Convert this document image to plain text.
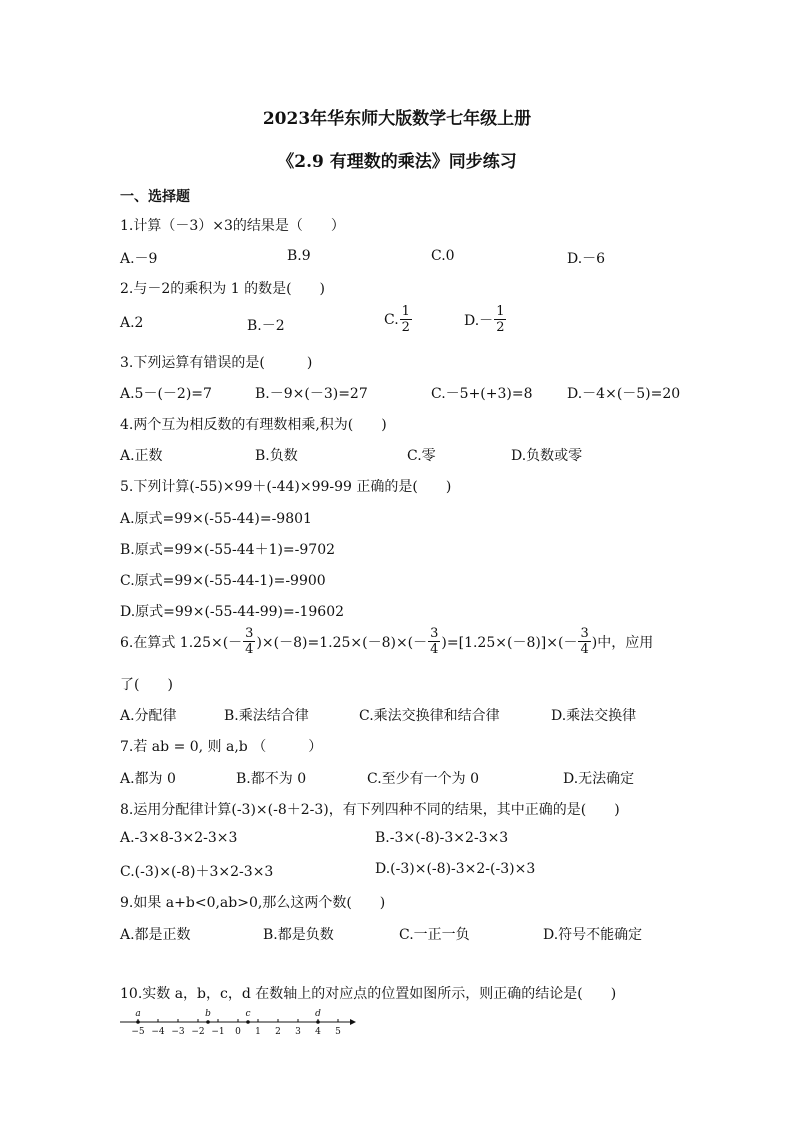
2023年华东师大版数学七年级上册
《2.9 有理数的乘法》同步练习
一、选择题
1.计算（－3）×3的结果是（　　）
A.－9	B.9	C.0	D.－6
2.与－2的乘积为 1 的数是(　　)
A.2	B.－2	C. $\frac{1}{2}$	$D.- \frac{1}{2}$
3.下列运算有错误的是(　　　)
A.5－(－2)=7	B.－9×(－3)=27	C.－5+(+3)=8 D.－4×(－5)=20
4.两个互为相反数的有理数相乘,积为(　　)
A.正数	B.负数	C.零	D.负数或零
5.下列计算(-55)×99＋(-44)×99-99 正确的是(　　)
A.原式=99×(-55-44)=-9801
B.原式=99×(-55-44＋1)=-9702
C.原式=99×(-55-44-1)=-9900
D.原式=99×(-55-44-99)=-19602
6.在算式 $1.25\times(- \frac{3}{4} )\times(-8)=1.25\times(-8)\times(- \frac{3}{4} )=[1.25\times(-8)]\times(- \frac{3}{4}$ )中，应用
了(　　)
A.分配律	B.乘法结合律	C.乘法交换律和结合律	D.乘法交换律
7.若 ab = 0, 则 a,b （　　　）
A.都为 0	B.都不为 0	C.至少有一个为 0	D.无法确定
8.运用分配律计算(-3)×(-8＋2-3)，有下列四种不同的结果，其中正确的是(　　)
A.-3×8-3×2-3×3	B.-3×(-8)-3×2-3×3
C.(-3)×(-8)＋3×2-3×3	D.(-3)×(-8)-3×2-(-3)×3
9.如果 a+b<0,ab>0,那么这两个数(　　)
A.都是正数	B.都是负数	C.一正一负	D.符号不能确定
10.实数 a，b，c，d 在数轴上的对应点的位置如图所示，则正确的结论是(　　)
−5 −4 −3 −2 −1 0 1 2 3 4 5
a	b	c	d
